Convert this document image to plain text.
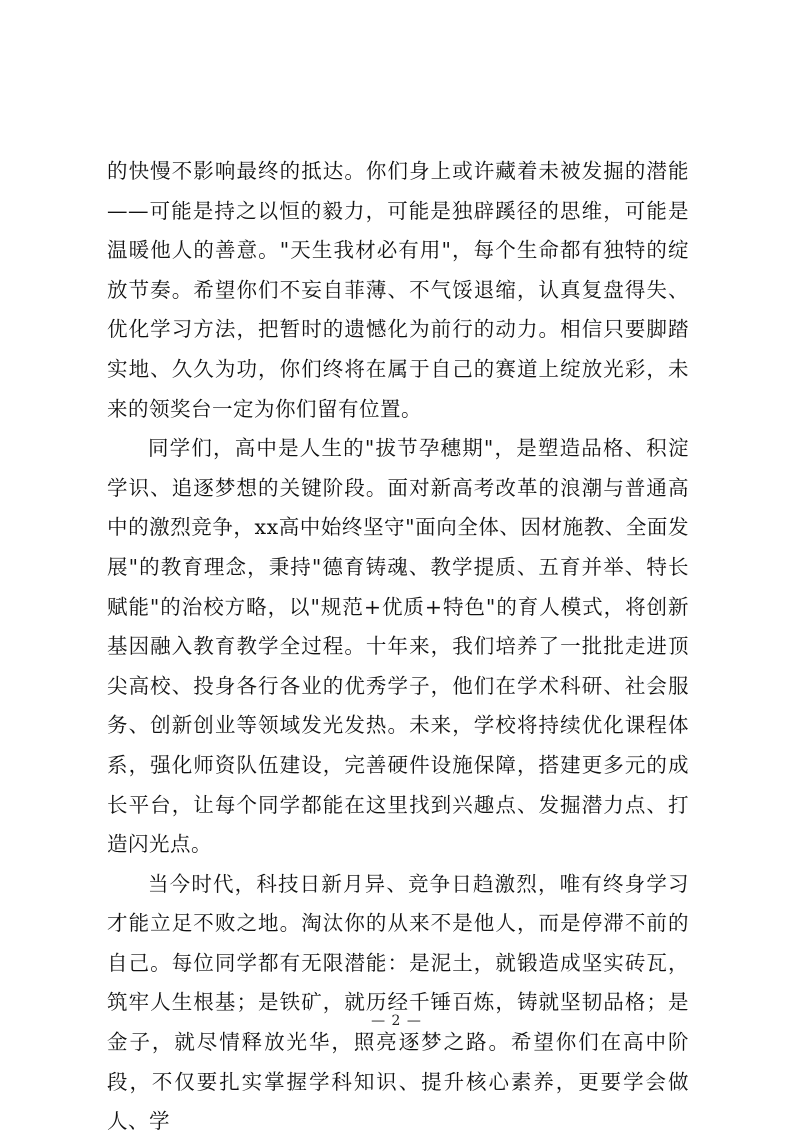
的快慢不影响最终的抵达。你们身上或许藏着未被发掘的潜能——可能是持之以恒的毅力，可能是独辟蹊径的思维，可能是温暖他人的善意。"天生我材必有用"，每个生命都有独特的绽放节奏。希望你们不妄自菲薄、不气馁退缩，认真复盘得失、优化学习方法，把暂时的遗憾化为前行的动力。相信只要脚踏实地、久久为功，你们终将在属于自己的赛道上绽放光彩，未来的领奖台一定为你们留有位置。

同学们，高中是人生的"拔节孕穗期"，是塑造品格、积淀学识、追逐梦想的关键阶段。面对新高考改革的浪潮与普通高中的激烈竞争，xx高中始终坚守"面向全体、因材施教、全面发展"的教育理念，秉持"德育铸魂、教学提质、五育并举、特长赋能"的治校方略，以"规范+优质+特色"的育人模式，将创新基因融入教育教学全过程。十年来，我们培养了一批批走进顶尖高校、投身各行各业的优秀学子，他们在学术科研、社会服务、创新创业等领域发光发热。未来，学校将持续优化课程体系，强化师资队伍建设，完善硬件设施保障，搭建更多元的成长平台，让每个同学都能在这里找到兴趣点、发掘潜力点、打造闪光点。

当今时代，科技日新月异、竞争日趋激烈，唯有终身学习才能立足不败之地。淘汰你的从来不是他人，而是停滞不前的自己。每位同学都有无限潜能：是泥土，就锻造成坚实砖瓦，筑牢人生根基；是铁矿，就历经千锤百炼，铸就坚韧品格；是金子，就尽情释放光华，照亮逐梦之路。希望你们在高中阶段，不仅要扎实掌握学科知识、提升核心素养，更要学会做人、学

— 2 —
